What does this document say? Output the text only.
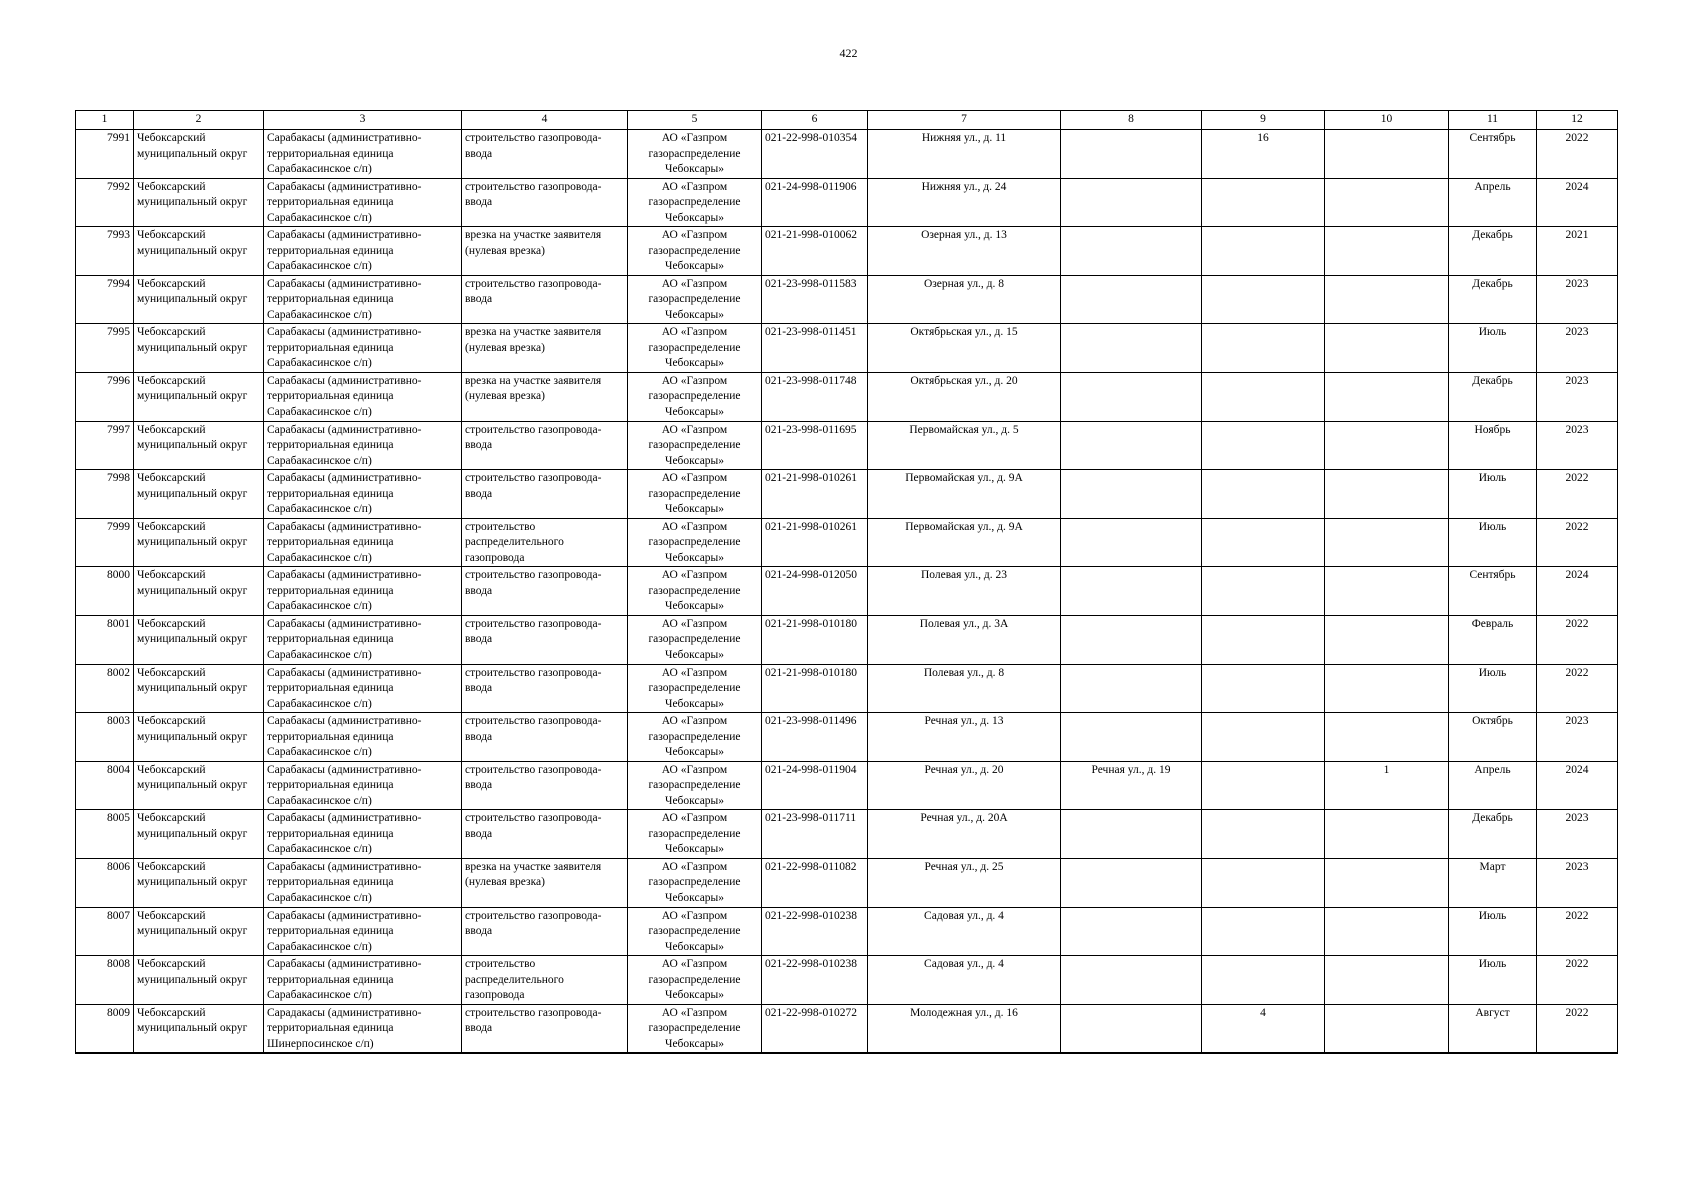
422
1	2	3	4	5	6	7	8	9	10	11	12
7991	Чебоксарский муниципальный округ	Сарабакасы (административно-территориальная единица Сарабакасинское с/п)	строительство газопровода-ввода	АО «Газпром газораспределение Чебоксары»	021-22-998-010354	Нижняя ул., д. 11		16		Сентябрь	2022
7992	Чебоксарский муниципальный округ	Сарабакасы (административно-территориальная единица Сарабакасинское с/п)	строительство газопровода-ввода	АО «Газпром газораспределение Чебоксары»	021-24-998-011906	Нижняя ул., д. 24				Апрель	2024
7993	Чебоксарский муниципальный округ	Сарабакасы (административно-территориальная единица Сарабакасинское с/п)	врезка на участке заявителя (нулевая врезка)	АО «Газпром газораспределение Чебоксары»	021-21-998-010062	Озерная ул., д. 13				Декабрь	2021
7994	Чебоксарский муниципальный округ	Сарабакасы (административно-территориальная единица Сарабакасинское с/п)	строительство газопровода-ввода	АО «Газпром газораспределение Чебоксары»	021-23-998-011583	Озерная ул., д. 8				Декабрь	2023
7995	Чебоксарский муниципальный округ	Сарабакасы (административно-территориальная единица Сарабакасинское с/п)	врезка на участке заявителя (нулевая врезка)	АО «Газпром газораспределение Чебоксары»	021-23-998-011451	Октябрьская ул., д. 15				Июль	2023
7996	Чебоксарский муниципальный округ	Сарабакасы (административно-территориальная единица Сарабакасинское с/п)	врезка на участке заявителя (нулевая врезка)	АО «Газпром газораспределение Чебоксары»	021-23-998-011748	Октябрьская ул., д. 20				Декабрь	2023
7997	Чебоксарский муниципальный округ	Сарабакасы (административно-территориальная единица Сарабакасинское с/п)	строительство газопровода-ввода	АО «Газпром газораспределение Чебоксары»	021-23-998-011695	Первомайская ул., д. 5				Ноябрь	2023
7998	Чебоксарский муниципальный округ	Сарабакасы (административно-территориальная единица Сарабакасинское с/п)	строительство газопровода-ввода	АО «Газпром газораспределение Чебоксары»	021-21-998-010261	Первомайская ул., д. 9А				Июль	2022
7999	Чебоксарский муниципальный округ	Сарабакасы (административно-территориальная единица Сарабакасинское с/п)	строительство распределительного газопровода	АО «Газпром газораспределение Чебоксары»	021-21-998-010261	Первомайская ул., д. 9А				Июль	2022
8000	Чебоксарский муниципальный округ	Сарабакасы (административно-территориальная единица Сарабакасинское с/п)	строительство газопровода-ввода	АО «Газпром газораспределение Чебоксары»	021-24-998-012050	Полевая ул., д. 23				Сентябрь	2024
8001	Чебоксарский муниципальный округ	Сарабакасы (административно-территориальная единица Сарабакасинское с/п)	строительство газопровода-ввода	АО «Газпром газораспределение Чебоксары»	021-21-998-010180	Полевая ул., д. 3А				Февраль	2022
8002	Чебоксарский муниципальный округ	Сарабакасы (административно-территориальная единица Сарабакасинское с/п)	строительство газопровода-ввода	АО «Газпром газораспределение Чебоксары»	021-21-998-010180	Полевая ул., д. 8				Июль	2022
8003	Чебоксарский муниципальный округ	Сарабакасы (административно-территориальная единица Сарабакасинское с/п)	строительство газопровода-ввода	АО «Газпром газораспределение Чебоксары»	021-23-998-011496	Речная ул., д. 13				Октябрь	2023
8004	Чебоксарский муниципальный округ	Сарабакасы (административно-территориальная единица Сарабакасинское с/п)	строительство газопровода-ввода	АО «Газпром газораспределение Чебоксары»	021-24-998-011904	Речная ул., д. 20	Речная ул., д. 19		1	Апрель	2024
8005	Чебоксарский муниципальный округ	Сарабакасы (административно-территориальная единица Сарабакасинское с/п)	строительство газопровода-ввода	АО «Газпром газораспределение Чебоксары»	021-23-998-011711	Речная ул., д. 20А				Декабрь	2023
8006	Чебоксарский муниципальный округ	Сарабакасы (административно-территориальная единица Сарабакасинское с/п)	врезка на участке заявителя (нулевая врезка)	АО «Газпром газораспределение Чебоксары»	021-22-998-011082	Речная ул., д. 25				Март	2023
8007	Чебоксарский муниципальный округ	Сарабакасы (административно-территориальная единица Сарабакасинское с/п)	строительство газопровода-ввода	АО «Газпром газораспределение Чебоксары»	021-22-998-010238	Садовая ул., д. 4				Июль	2022
8008	Чебоксарский муниципальный округ	Сарабакасы (административно-территориальная единица Сарабакасинское с/п)	строительство распределительного газопровода	АО «Газпром газораспределение Чебоксары»	021-22-998-010238	Садовая ул., д. 4				Июль	2022
8009	Чебоксарский муниципальный округ	Сарадакасы (административно-территориальная единица Шинерпосинское с/п)	строительство газопровода-ввода	АО «Газпром газораспределение Чебоксары»	021-22-998-010272	Молодежная ул., д. 16		4		Август	2022
